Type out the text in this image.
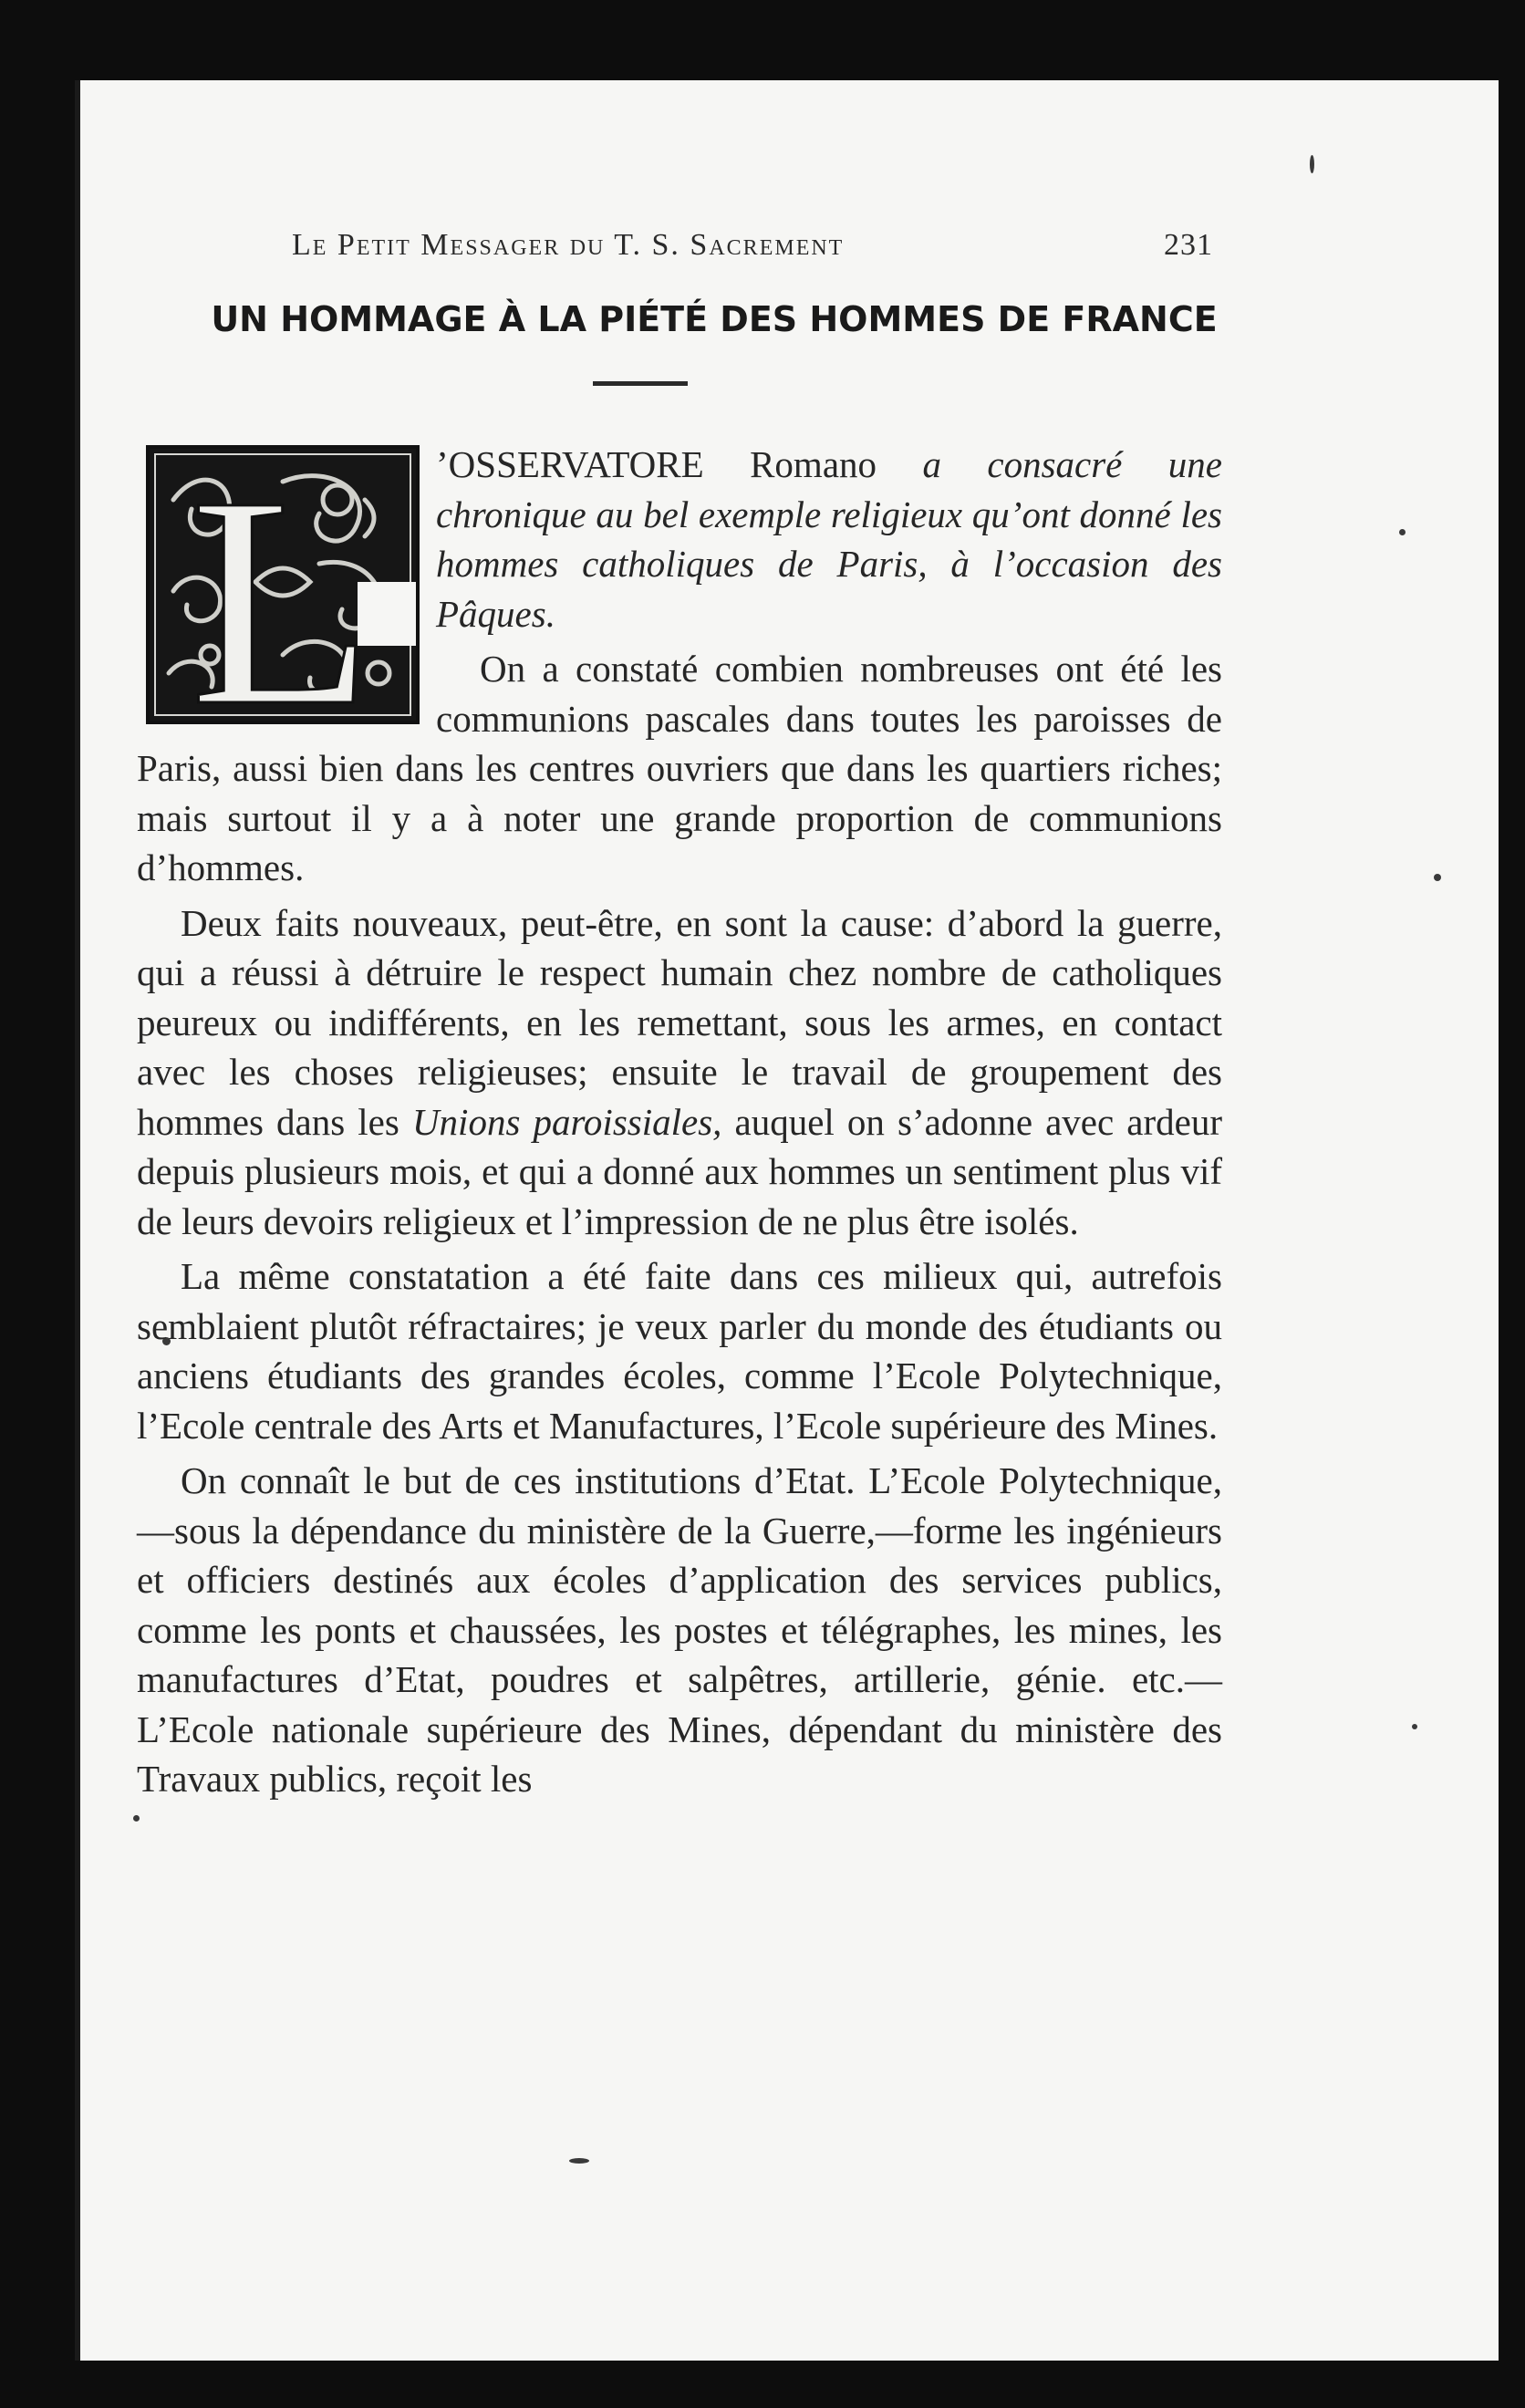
Le Petit Messager du T. S. Sacrement	231
UN HOMMAGE À LA PIÉTÉ DES HOMMES DE FRANCE
L	’OSSERVATORE Romano a consacré une chronique au bel exemple religieux qu’ont donné les hommes catholiques de Paris, à l’occasion des Pâques.

On a constaté combien nombreuses ont été les communions pascales dans toutes les paroisses de Paris, aussi bien dans les centres ouvriers que dans les quartiers riches; mais surtout il y a à noter une grande proportion de communions d’hommes.

Deux faits nouveaux, peut-être, en sont la cause: d’abord la guerre, qui a réussi à détruire le respect humain chez nombre de catholiques peureux ou indifférents, en les remettant, sous les armes, en contact avec les choses religieuses; ensuite le travail de groupement des hommes dans les Unions paroissiales, auquel on s’adonne avec ardeur depuis plusieurs mois, et qui a donné aux hommes un sentiment plus vif de leurs devoirs religieux et l’impression de ne plus être isolés.

La même constatation a été faite dans ces milieux qui, autrefois semblaient plutôt réfractaires; je veux parler du monde des étudiants ou anciens étudiants des grandes écoles, comme l’Ecole Polytechnique, l’Ecole centrale des Arts et Manufactures, l’Ecole supérieure des Mines.

On connaît le but de ces institutions d’Etat. L’Ecole Polytechnique,—sous la dépendance du ministère de la Guerre,—forme les ingénieurs et officiers destinés aux écoles d’application des services publics, comme les ponts et chaussées, les postes et télégraphes, les mines, les manufactures d’Etat, poudres et salpêtres, artillerie, génie. etc.—L’Ecole nationale supérieure des Mines, dépendant du ministère des Travaux publics, reçoit les
